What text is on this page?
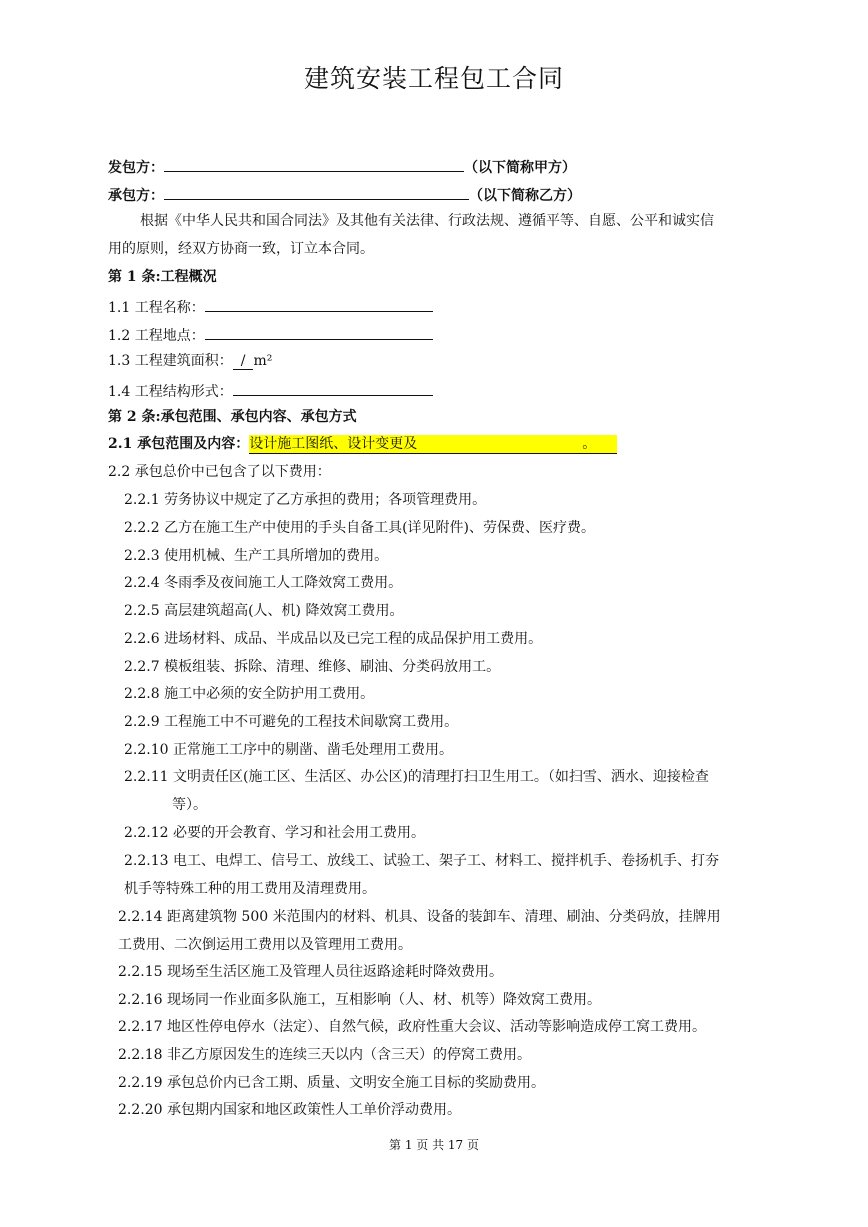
建筑安装工程包工合同
发包方：	（以下简称甲方）
承包方：	（以下简称乙方）
根据《中华人民共和国合同法》及其他有关法律、行政法规、遵循平等、自愿、公平和诚实信
用的原则，经双方协商一致，订立本合同。
第 1 条:工程概况
1.1 工程名称：
1.2 工程地点：
1.3 工程建筑面积： / m²
1.4 工程结构形式：
第 2 条:承包范围、承包内容、承包方式
2.1 承包范围及内容：设计施工图纸、设计变更及	。
2.2 承包总价中已包含了以下费用：
2.2.1 劳务协议中规定了乙方承担的费用；各项管理费用。
2.2.2 乙方在施工生产中使用的手头自备工具(详见附件)、劳保费、医疗费。
2.2.3 使用机械、生产工具所增加的费用。
2.2.4 冬雨季及夜间施工人工降效窝工费用。
2.2.5 高层建筑超高(人、机) 降效窝工费用。
2.2.6 进场材料、成品、半成品以及已完工程的成品保护用工费用。
2.2.7 模板组装、拆除、清理、维修、刷油、分类码放用工。
2.2.8 施工中必须的安全防护用工费用。
2.2.9 工程施工中不可避免的工程技术间歇窝工费用。
2.2.10 正常施工工序中的剔凿、凿毛处理用工费用。
2.2.11 文明责任区(施工区、生活区、办公区)的清理打扫卫生用工。（如扫雪、洒水、迎接检查
等）。
2.2.12 必要的开会教育、学习和社会用工费用。
2.2.13 电工、电焊工、信号工、放线工、试验工、架子工、材料工、搅拌机手、卷扬机手、打夯
机手等特殊工种的用工费用及清理费用。
2.2.14 距离建筑物 500 米范围内的材料、机具、设备的装卸车、清理、刷油、分类码放，挂牌用
工费用、二次倒运用工费用以及管理用工费用。
2.2.15 现场至生活区施工及管理人员往返路途耗时降效费用。
2.2.16 现场同一作业面多队施工，互相影响（人、材、机等）降效窝工费用。
2.2.17 地区性停电停水（法定）、自然气候，政府性重大会议、活动等影响造成停工窝工费用。
2.2.18 非乙方原因发生的连续三天以内（含三天）的停窝工费用。
2.2.19 承包总价内已含工期、质量、文明安全施工目标的奖励费用。
2.2.20 承包期内国家和地区政策性人工单价浮动费用。
第 1 页 共 17 页
